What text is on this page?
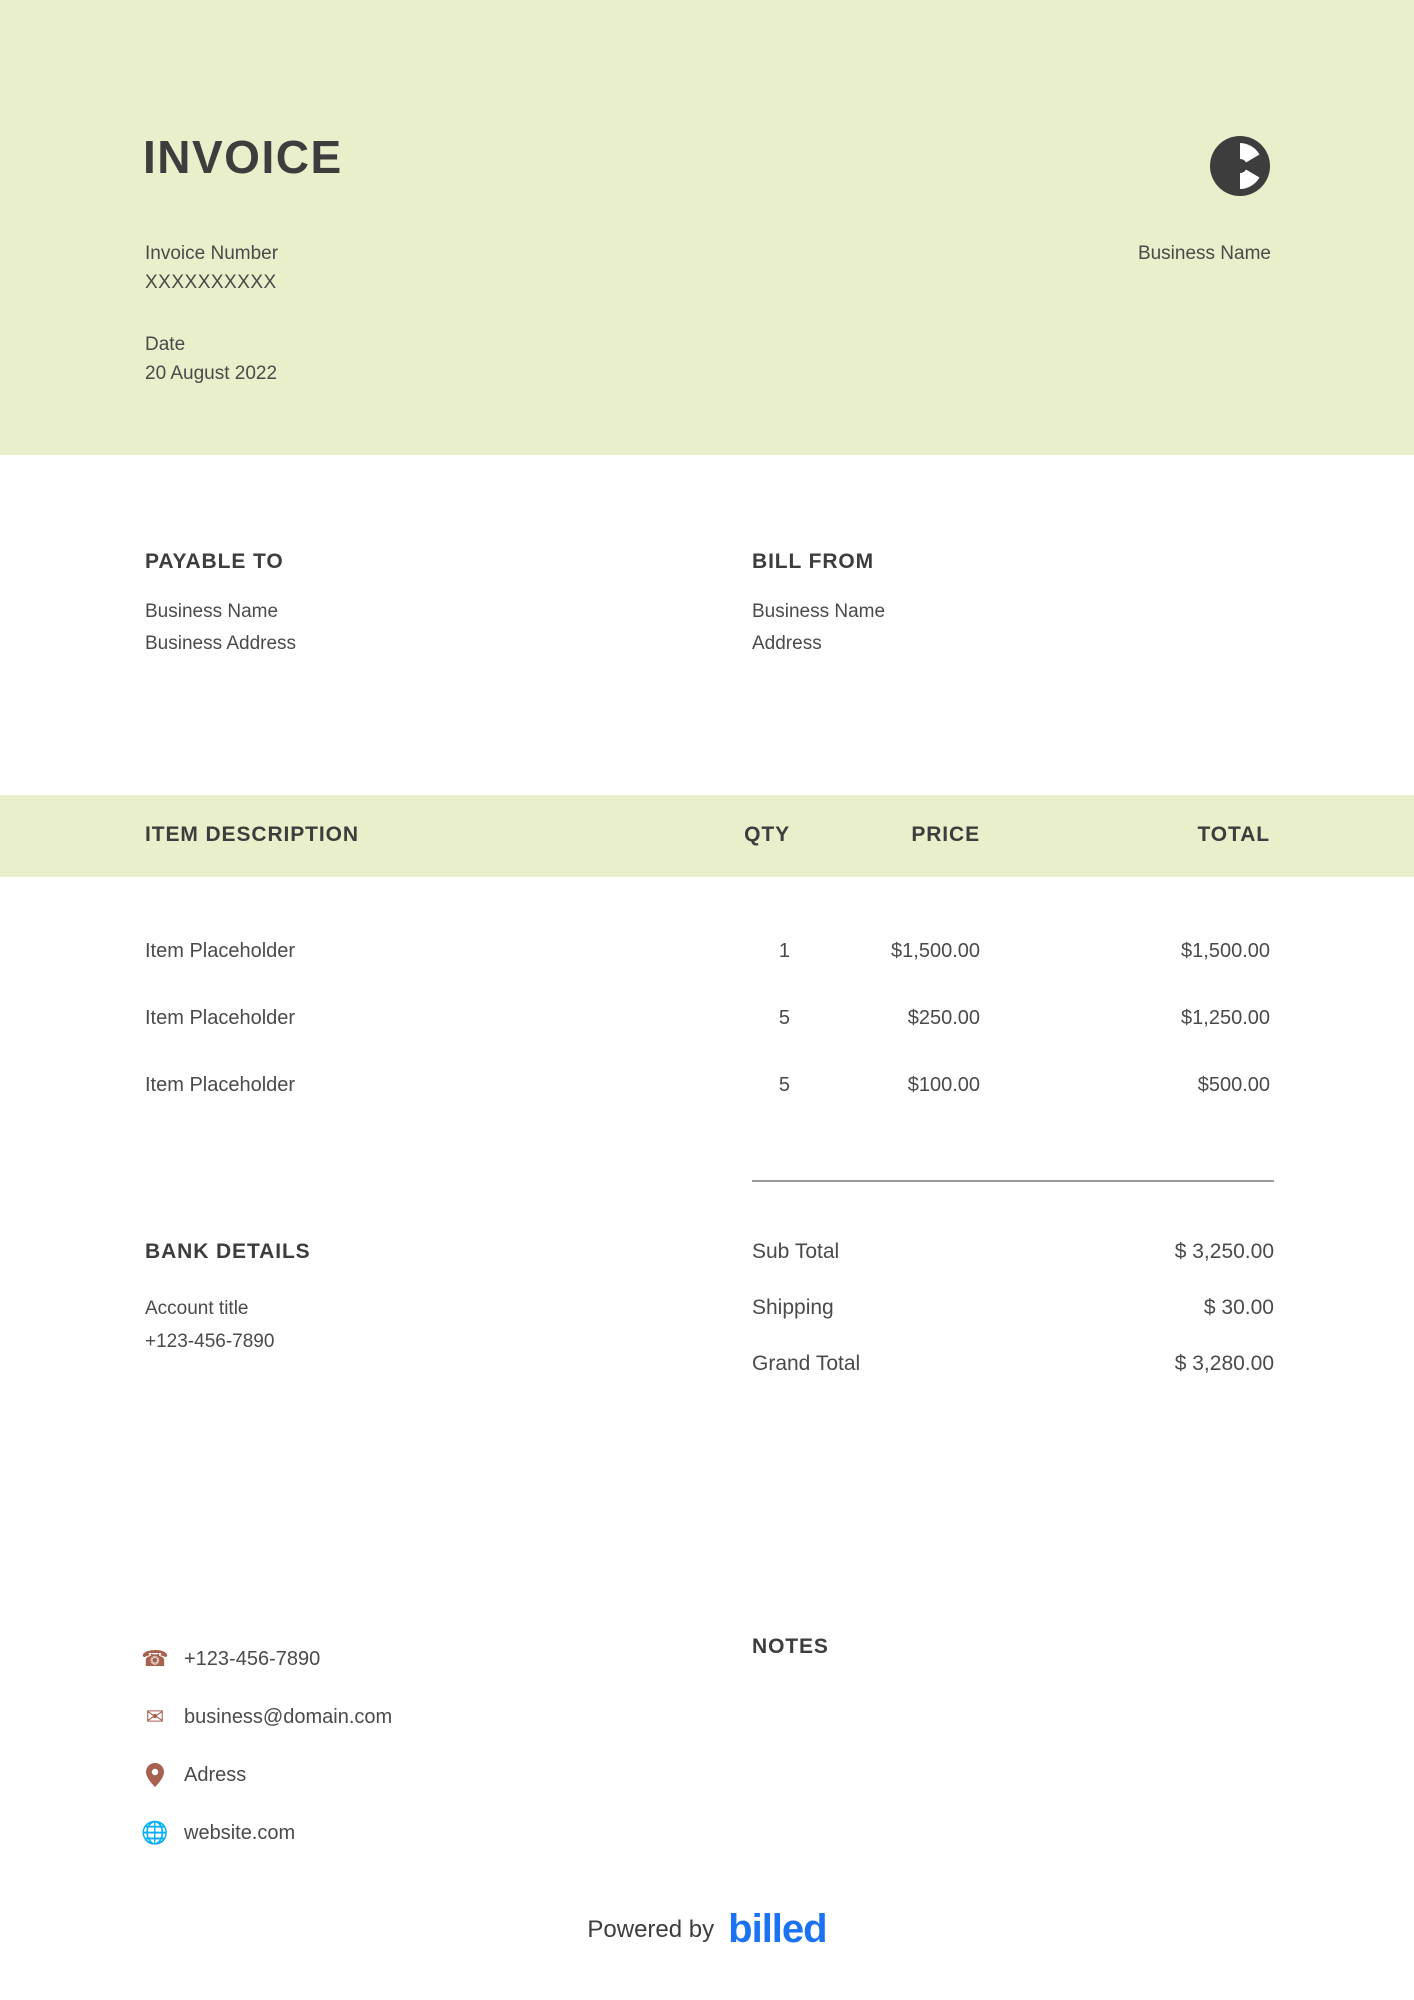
INVOICE
Invoice Number
XXXXXXXXXX
Date
20 August 2022
Business Name
PAYABLE TO
Business Name
Business Address
BILL FROM
Business Name
Address
ITEM DESCRIPTION	QTY	PRICE	TOTAL
Item Placeholder	1	$1,500.00	$1,500.00
Item Placeholder	5	$250.00	$1,250.00
Item Placeholder	5	$100.00	$500.00
BANK DETAILS
Account title
+123-456-7890
Sub Total	$ 3,250.00
Shipping	$ 30.00
Grand Total	$ 3,280.00
☎ +123-456-7890
✉ business@domain.com
Adress
🌐 website.com
NOTES
Powered by billed
